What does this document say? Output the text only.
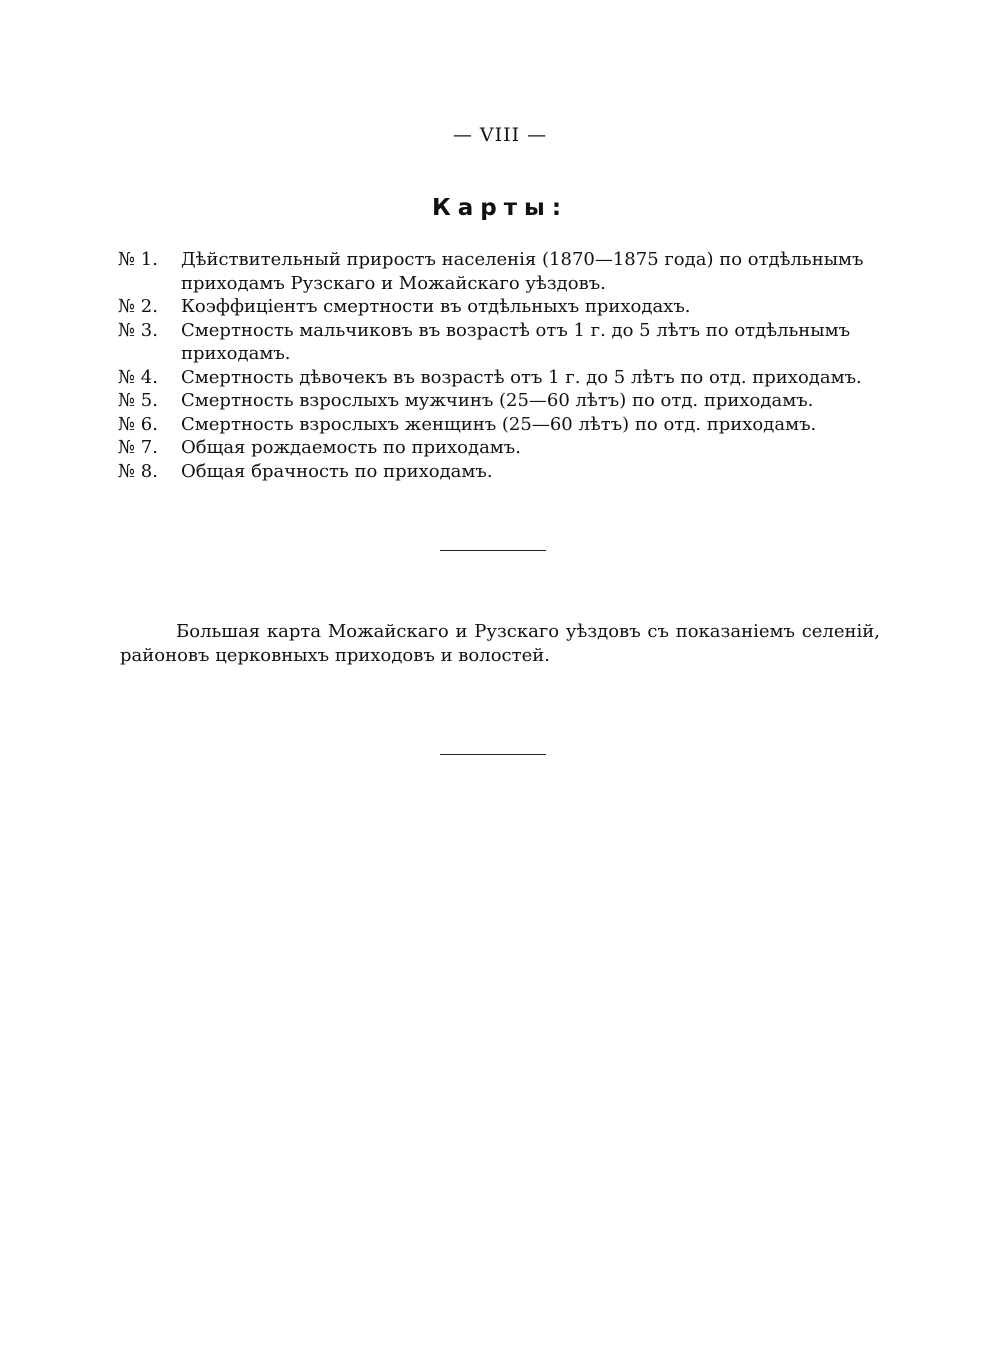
— VIII —
Карты:
№ 1.	Дѣйствительный приростъ населенія (1870—1875 года) по отдѣльнымъ приходамъ Рузскаго и Можайскаго уѣздовъ.
№ 2.	Коэффиціентъ смертности въ отдѣльныхъ приходахъ.
№ 3.	Смертность мальчиковъ въ возрастѣ отъ 1 г. до 5 лѣтъ по отдѣльнымъ приходамъ.
№ 4.	Смертность дѣвочекъ въ возрастѣ отъ 1 г. до 5 лѣтъ по отд. приходамъ.
№ 5.	Смертность взрослыхъ мужчинъ (25—60 лѣтъ) по отд. приходамъ.
№ 6.	Смертность взрослыхъ женщинъ (25—60 лѣтъ) по отд. приходамъ.
№ 7.	Общая рождаемость по приходамъ.
№ 8.	Общая брачность по приходамъ.

Большая карта Можайскаго и Рузскаго уѣздовъ съ показаніемъ селеній, районовъ церковныхъ приходовъ и волостей.
